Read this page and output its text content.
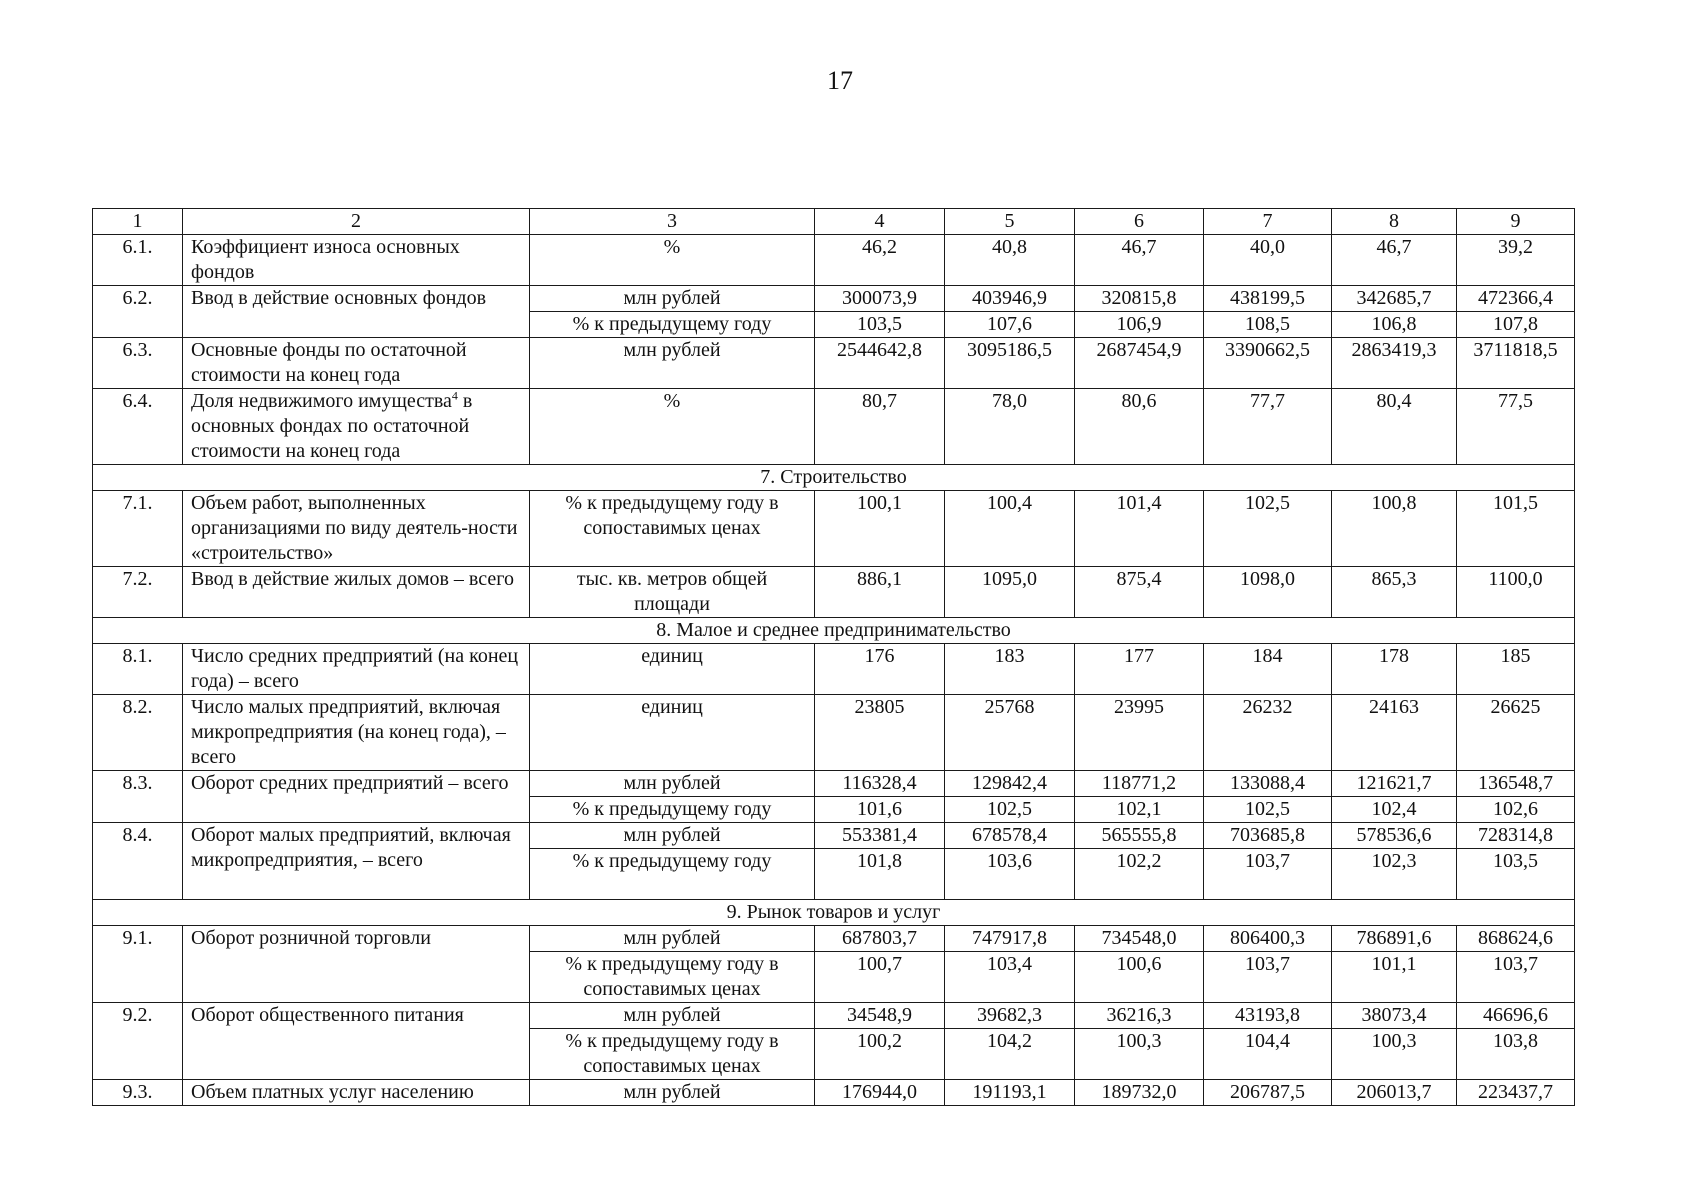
17
1	2	3	4	5	6	7	8	9
6.1.	Коэффициент износа основных фондов	%	46,2	40,8	46,7	40,0	46,7	39,2
6.2.	Ввод в действие основных фондов	млн рублей	300073,9	403946,9	320815,8	438199,5	342685,7	472366,4
		% к предыдущему году	103,5	107,6	106,9	108,5	106,8	107,8
6.3.	Основные фонды по остаточной стоимости на конец года	млн рублей	2544642,8	3095186,5	2687454,9	3390662,5	2863419,3	3711818,5
6.4.	Доля недвижимого имущества$^4$ в основных фондах по остаточной стоимости на конец года	%	80,7	78,0	80,6	77,7	80,4	77,5
7. Строительство								
7.1.	Объем работ, выполненных организациями по виду деятель-ности «строительство»	% к предыдущему году в сопоставимых ценах	100,1	100,4	101,4	102,5	100,8	101,5
7.2.	Ввод в действие жилых домов – всего	тыс. кв. метров общей площади	886,1	1095,0	875,4	1098,0	865,3	1100,0
8. Малое и среднее предпринимательство								
8.1.	Число средних предприятий (на конец года) – всего	единиц	176	183	177	184	178	185
8.2.	Число малых предприятий, включая микропредприятия (на конец года), – всего	единиц	23805	25768	23995	26232	24163	26625
8.3.	Оборот средних предприятий – всего	млн рублей	116328,4	129842,4	118771,2	133088,4	121621,7	136548,7
		% к предыдущему году	101,6	102,5	102,1	102,5	102,4	102,6
8.4.	Оборот малых предприятий, включая микропредприятия, – всего	млн рублей	553381,4	678578,4	565555,8	703685,8	578536,6	728314,8
		% к предыдущему году	101,8	103,6	102,2	103,7	102,3	103,5
9. Рынок товаров и услуг								
9.1.	Оборот розничной торговли	млн рублей	687803,7	747917,8	734548,0	806400,3	786891,6	868624,6
		% к предыдущему году в сопоставимых ценах	100,7	103,4	100,6	103,7	101,1	103,7
9.2.	Оборот общественного питания	млн рублей	34548,9	39682,3	36216,3	43193,8	38073,4	46696,6
		% к предыдущему году в сопоставимых ценах	100,2	104,2	100,3	104,4	100,3	103,8
9.3.	Объем платных услуг населению	млн рублей	176944,0	191193,1	189732,0	206787,5	206013,7	223437,7
